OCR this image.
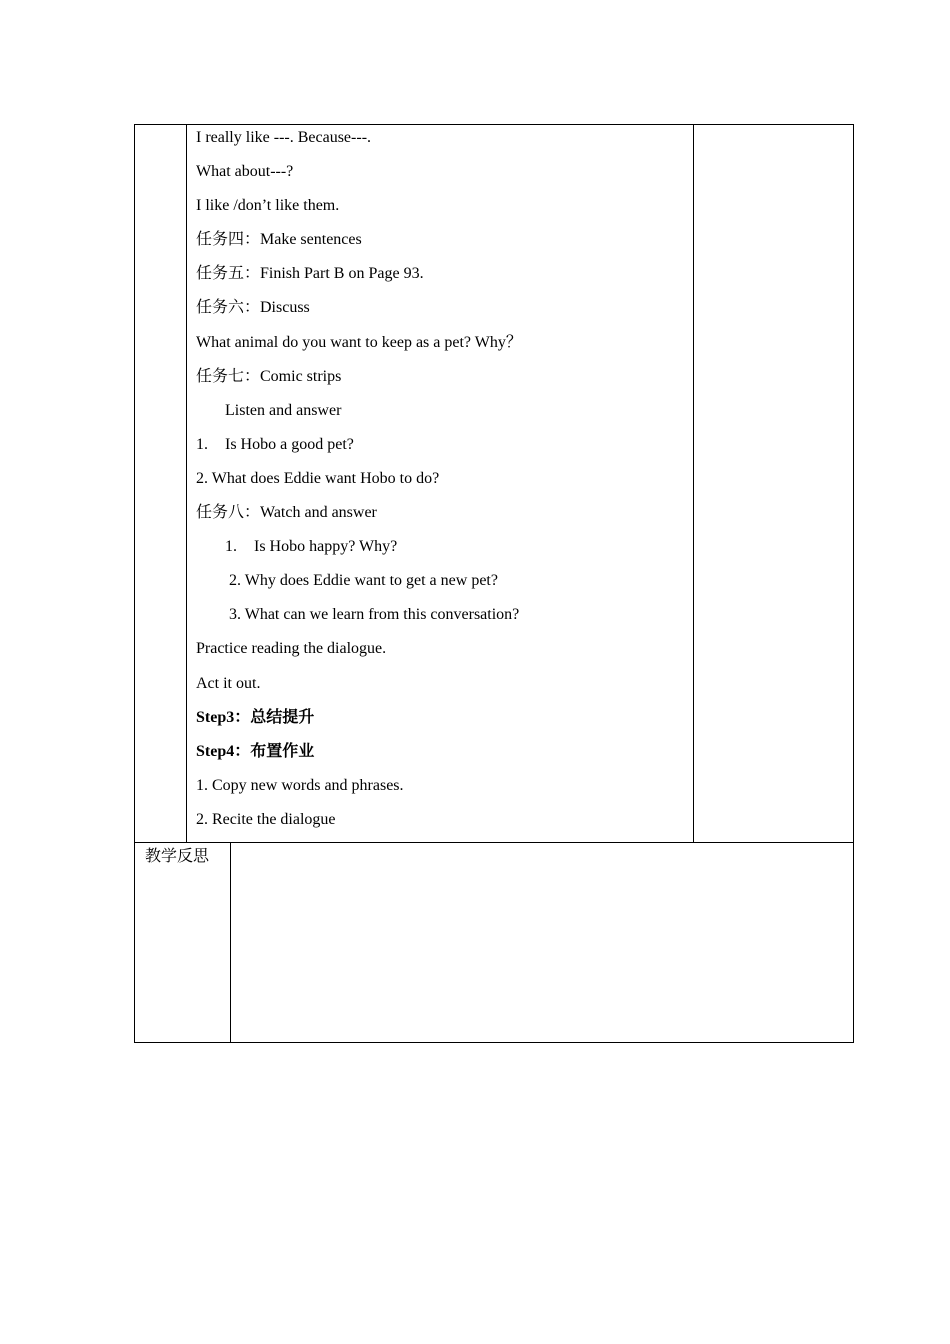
I really like ---. Because---.
What about---?
I like /don’t like them.
任务四：Make sentences
任务五：Finish Part B on Page 93.
任务六：Discuss
What animal do you want to keep as a pet? Why？
任务七：Comic strips
Listen and answer
1. Is Hobo a good pet?
2. What does Eddie want Hobo to do?
任务八：Watch and answer
1. Is Hobo happy? Why?
2. Why does Eddie want to get a new pet?
3. What can we learn from this conversation?
Practice reading the dialogue.
Act it out.
Step3：总结提升
Step4：布置作业
1. Copy new words and phrases.
2. Recite the dialogue
教学反思
